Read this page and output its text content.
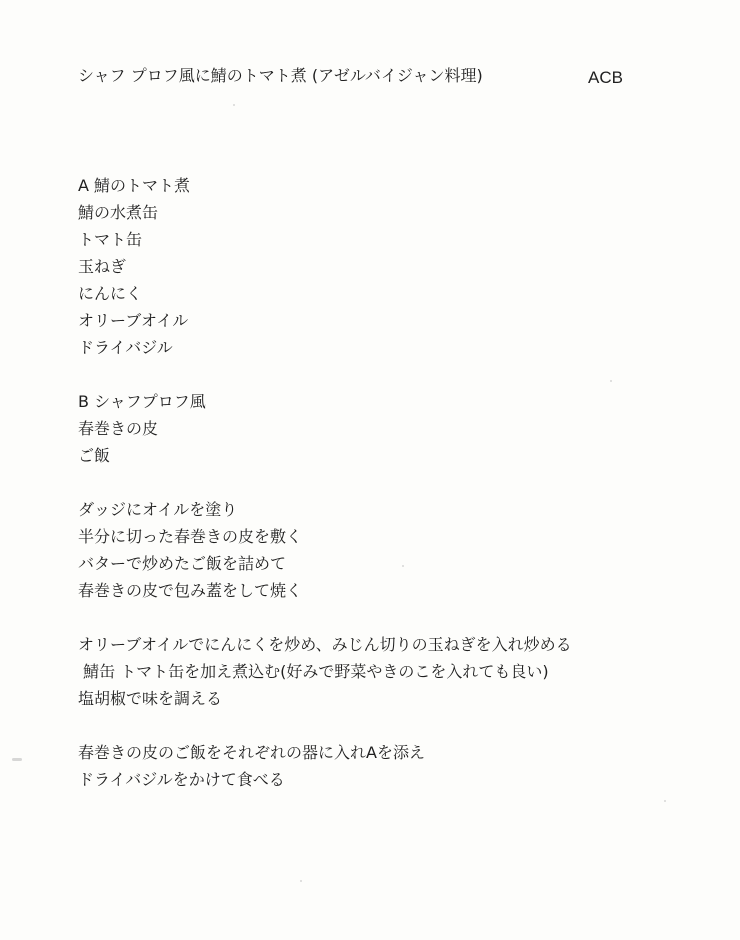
シャフ プロフ風に鯖のトマト煮 (アゼルバイジャン料理)	ACB
A 鯖のトマト煮
鯖の水煮缶
トマト缶
玉ねぎ
にんにく
オリーブオイル
ドライバジル
B シャフプロフ風
春巻きの皮
ご飯
ダッジにオイルを塗り
半分に切った春巻きの皮を敷く
バターで炒めたご飯を詰めて
春巻きの皮で包み蓋をして焼く
オリーブオイルでにんにくを炒め、みじん切りの玉ねぎを入れ炒める
鯖缶 トマト缶を加え煮込む(好みで野菜やきのこを入れても良い)
塩胡椒で味を調える
春巻きの皮のご飯をそれぞれの器に入れAを添え
ドライバジルをかけて食べる
